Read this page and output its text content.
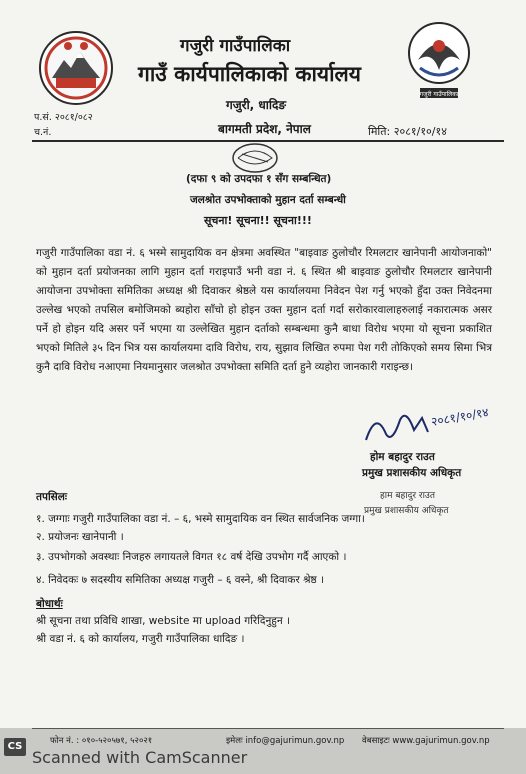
गजुरी गाउँपालिका
गजुरी गाउँपालिका
गाउँ कार्यपालिकाको कार्यालय
गजुरी, धादिङ
बागमती प्रदेश, नेपाल
प.सं. २०८१/०८२
च.नं.	मिति: २०८१/१०/१४
(दफा ९ को उपदफा १ सँग सम्बन्धित)
जलश्रोत उपभोक्ताको मुहान दर्ता सम्बन्धी
सूचना! सूचना!! सूचना!!!
गजुरी गाउँपालिका वडा नं. ६ भस्मे सामुदायिक वन क्षेत्रमा अवस्थित "बाइवाङ ठुलोचौर रिमलटार खानेपानी आयोजनाको" को मुहान दर्ता प्रयोजनका लागि मुहान दर्ता गराइपाउँ भनी वडा नं. ६ स्थित श्री बाइवाङ ठुलोचौर रिमलटार खानेपानी आयोजना उपभोक्ता समितिका अध्यक्ष श्री दिवाकर श्रेष्ठले यस कार्यालयमा निवेदन पेश गर्नु भएको हुँदा उक्त निवेदनमा उल्लेख भएको तपसिल बमोजिमको ब्यहोरा साँचो हो होइन उक्त मुहान दर्ता गर्दा सरोकारवालाहरुलाई नकारात्मक असर पर्ने हो होइन यदि असर पर्ने भएमा या उल्लेखित मुहान दर्ताको सम्बन्धमा कुनै बाधा विरोध भएमा यो सूचना प्रकाशित भएको मितिले ३५ दिन भित्र यस कार्यालयमा दावि विरोध, राय, सुझाव लिखित रुपमा पेश गरी तोकिएको समय सिमा भित्र कुनै दावि विरोध नआएमा नियमानुसार जलश्रोत उपभोक्ता समिति दर्ता हुने व्यहोरा जानकारी गराइन्छ।
२०८१/१०/१४
होम बहादुर राउत
प्रमुख प्रशासकीय अधिकृत
हाम बहादुर राउत
प्रमुख प्रशासकीय अधिकृत
तपसिलः
१. जग्गाः गजुरी गाउँपालिका वडा नं. – ६, भस्मे सामुदायिक वन स्थित सार्वजनिक जग्गा।
२. प्रयोजनः खानेपानी ।
३. उपभोगको अवस्थाः निजहरु लगायतले विगत १८ वर्ष देखि उपभोग गर्दै आएको ।
४. निवेदकः ७ सदस्यीय समितिका अध्यक्ष गजुरी – ६ वस्ने, श्री दिवाकर श्रेष्ठ ।
बोधार्थः
श्री सूचना तथा प्रविधि शाखा, website मा upload गरिदिनुहुन ।
श्री वडा नं. ६ को कार्यालय, गजुरी गाउँपालिका धादिङ ।
फोन नं. : ०१०-५२०५७१, ५२०२१	इमेलः info@gajurimun.gov.np वेबसाइटः www.gajurimun.gov.np
CS
Scanned with CamScanner
